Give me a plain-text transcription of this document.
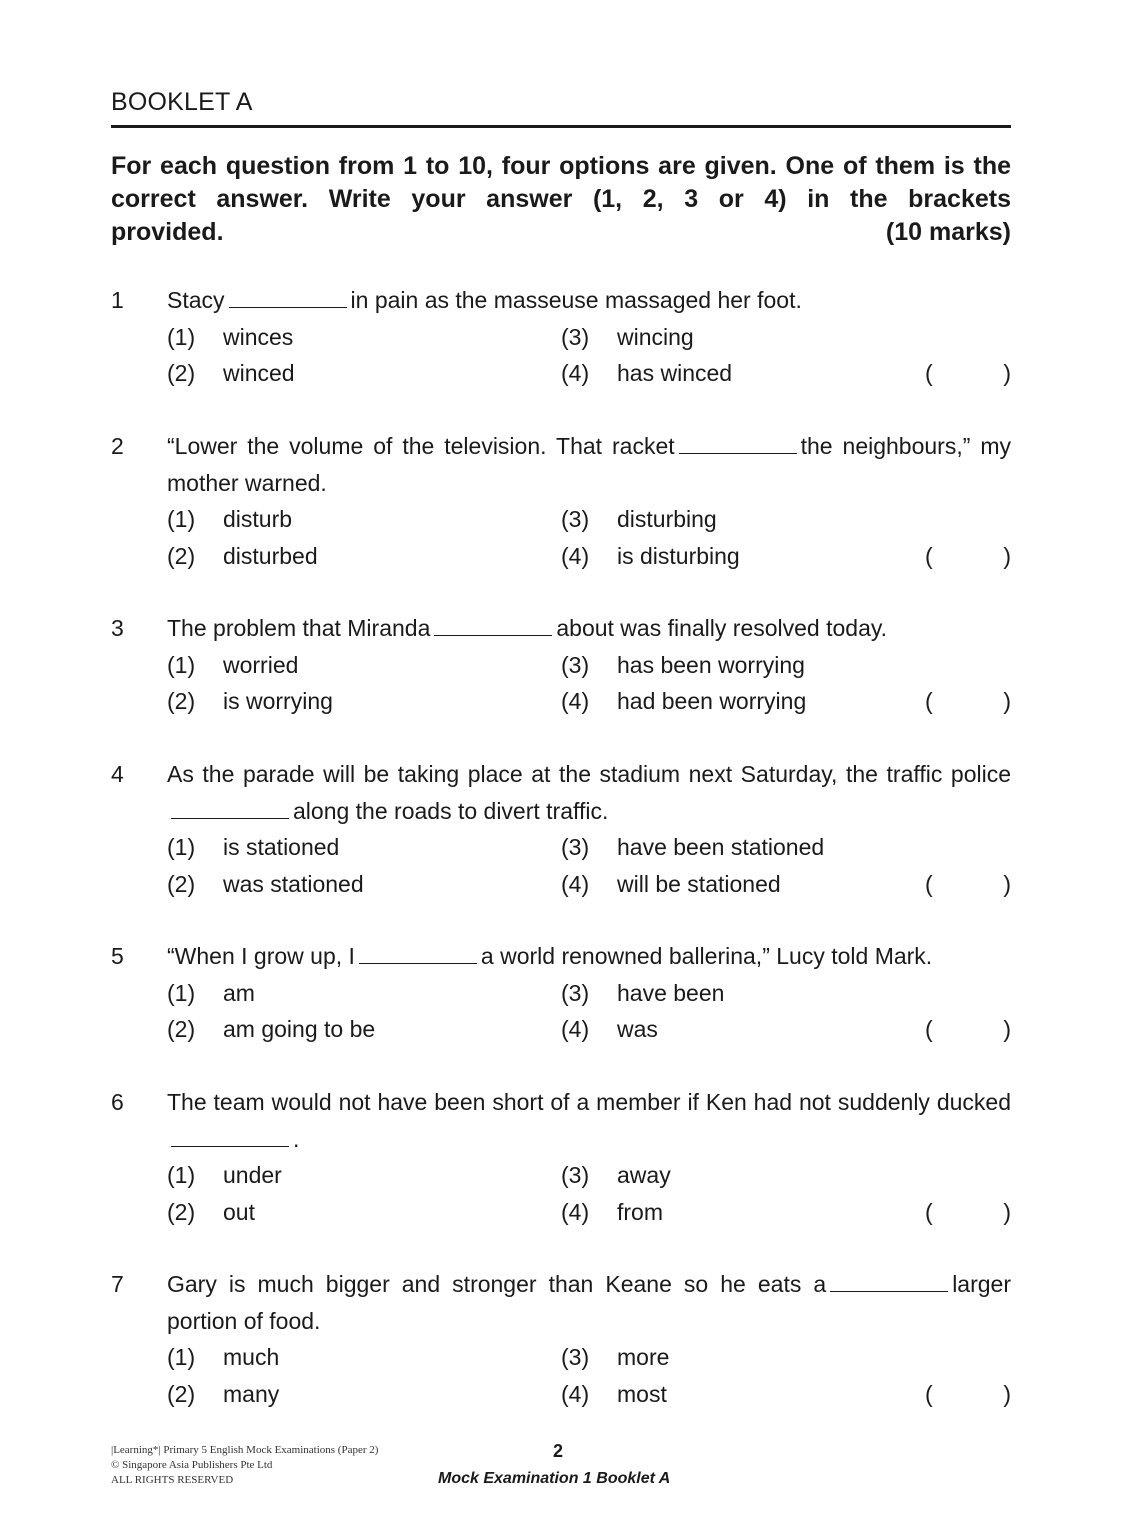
BOOKLET A
For each question from 1 to 10, four options are given. One of them is the correct answer. Write your answer (1, 2, 3 or 4) in the brackets
provided.	(10 marks)
1 Stacy	in pain as the masseuse massaged her foot.
(1) winces	(3) wincing
(2) winced	(4) has winced	(	)
2 “Lower the volume of the television. That racket	the neighbours,” my mother warned.
(1) disturb	(3) disturbing
(2) disturbed	(4) is disturbing	(	)
3 The problem that Miranda	about was finally resolved today.
(1) worried	(3) has been worrying
(2) is worrying	(4) had been worrying	(	)
4 As the parade will be taking place at the stadium next Saturday, the traffic policealong the roads to divert traffic.
(1) is stationed	(3) have been stationed
(2) was stationed	(4) will be stationed	(	)
5 “When I grow up, I	a world renowned ballerina,” Lucy told Mark.
(1) am	(3) have been
(2) am going to be	(4) was	(	)
6 The team would not have been short of a member if Ken had not suddenly ducked.
(1) under	(3) away
(2) out	(4) from	(	)
7 Gary is much bigger and stronger than Keane so he eats a	larger portion of food.
(1) much	(3) more
(2) many	(4) most	(	)
|Learning*| Primary 5 English Mock Examinations (Paper 2)
© Singapore Asia Publishers Pte Ltd
ALL RIGHTS RESERVED
2
Mock Examination 1 Booklet A
